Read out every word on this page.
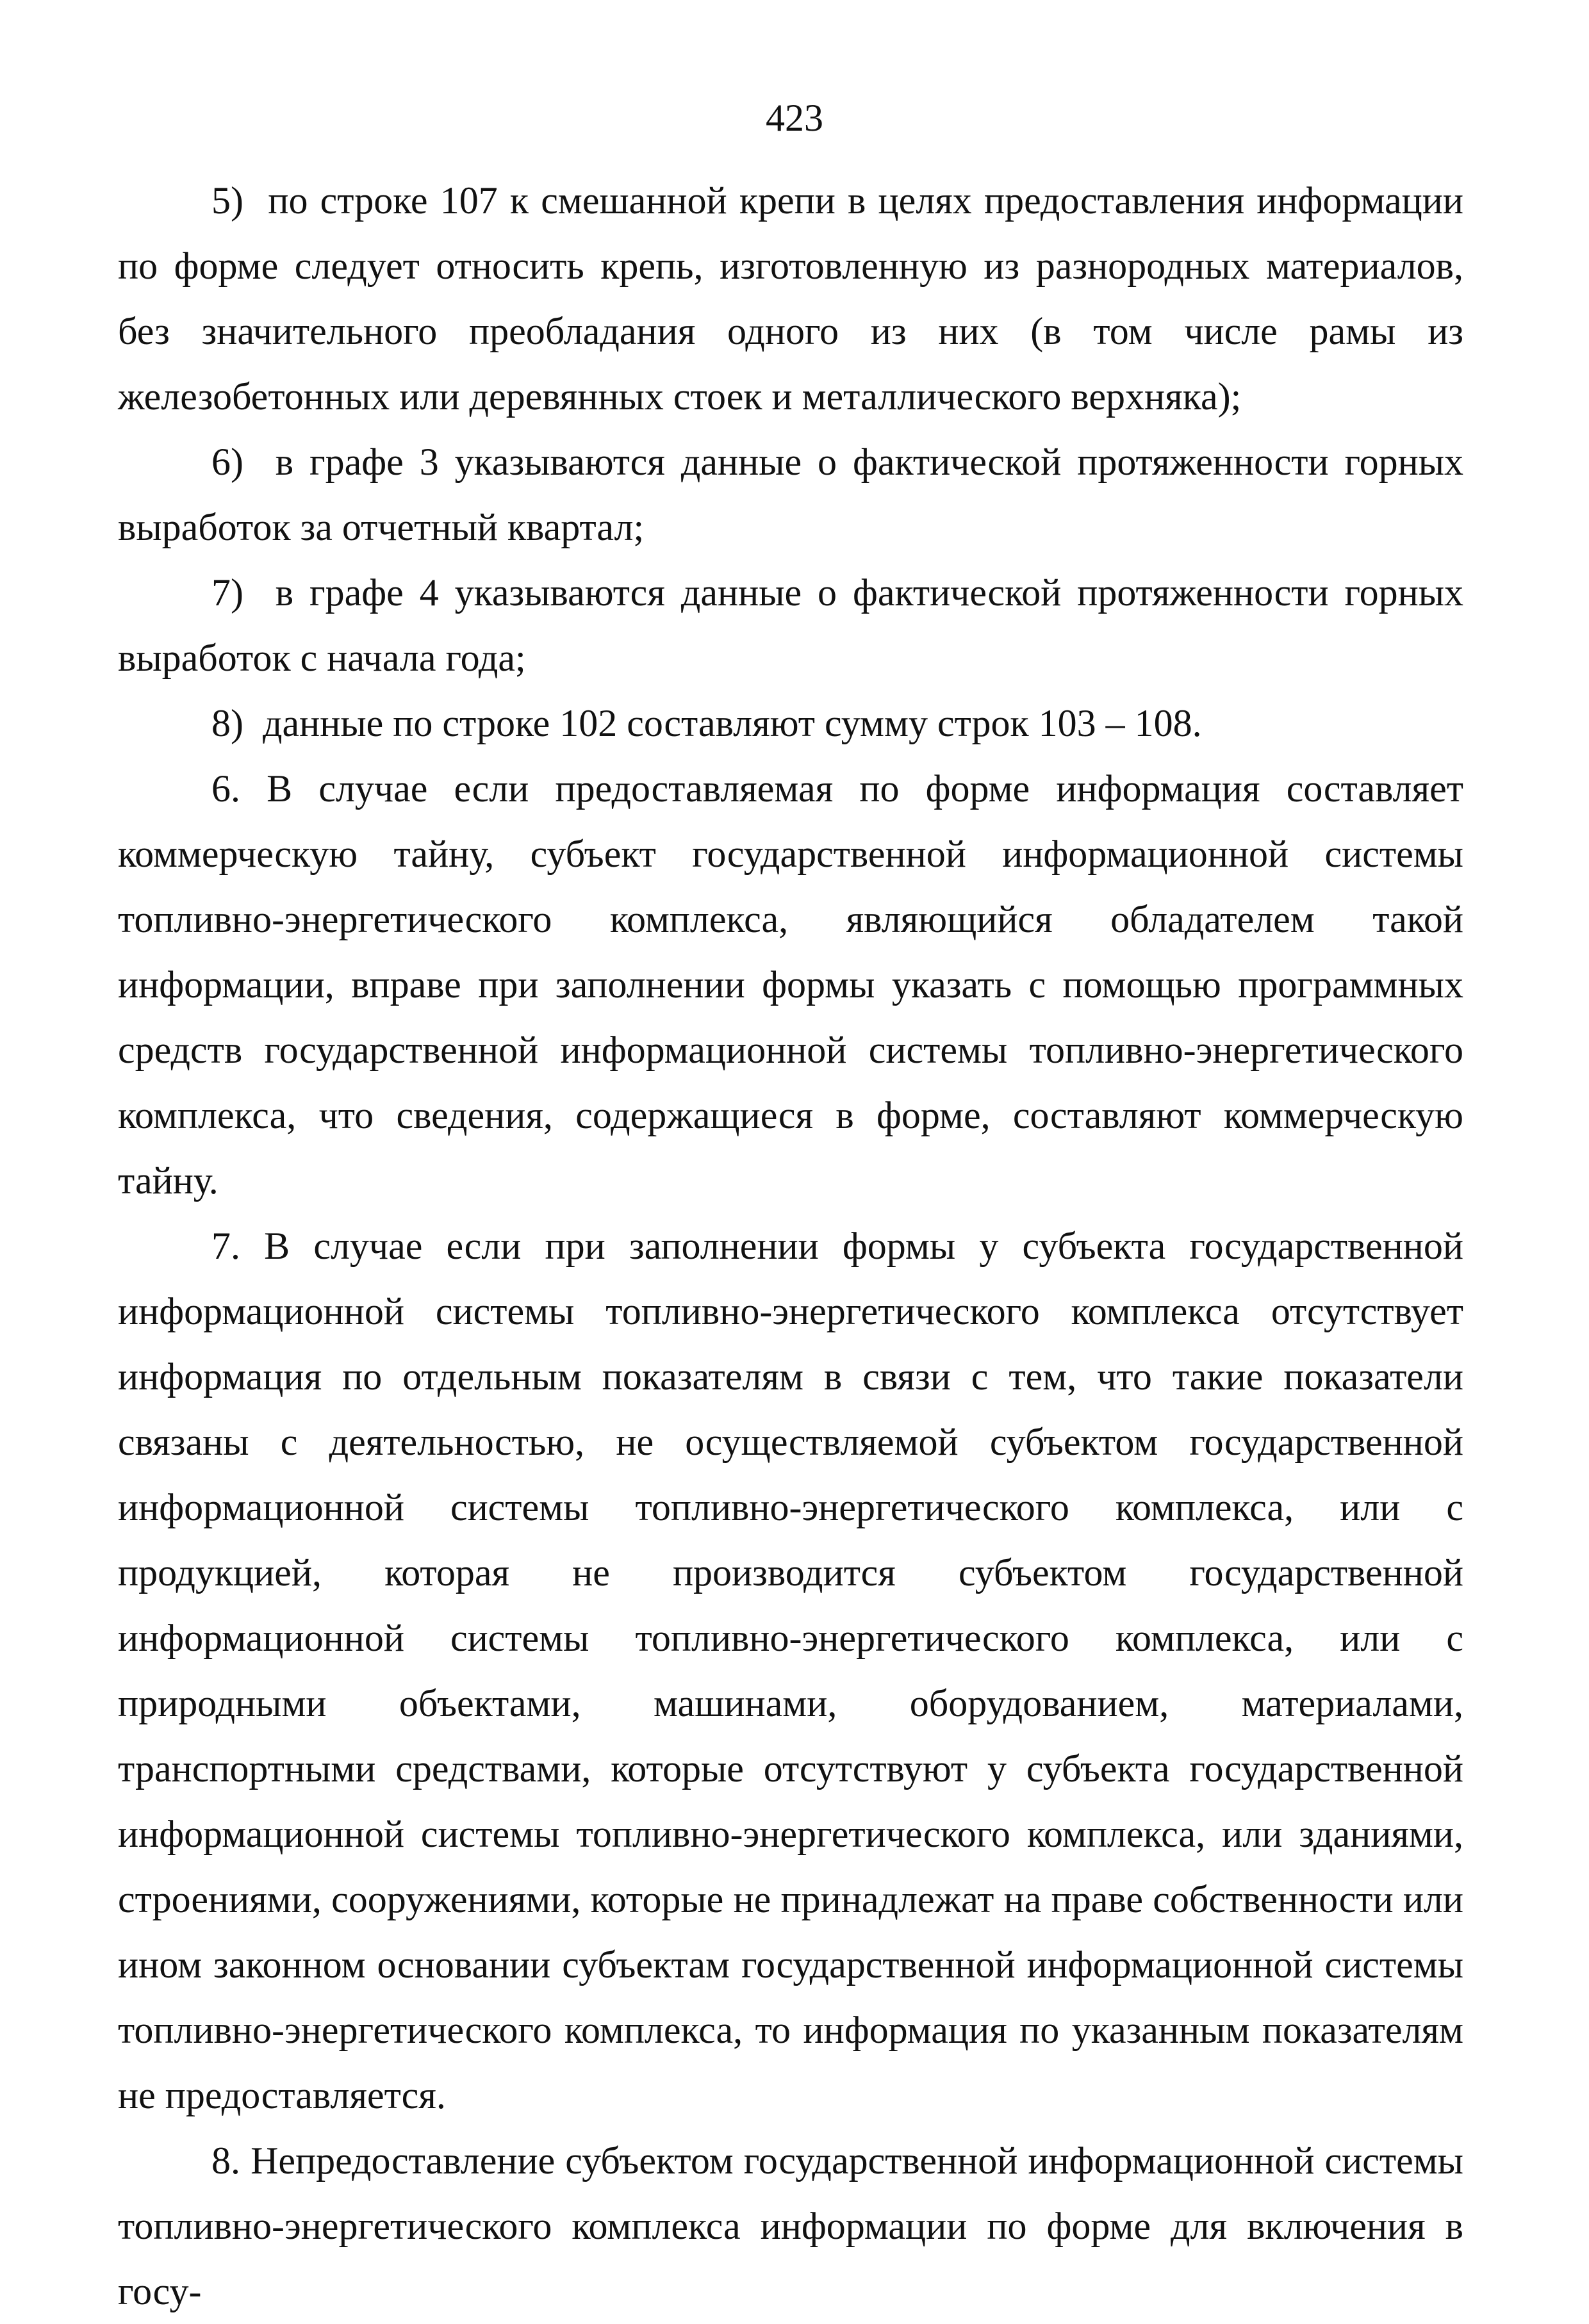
423

5)  по строке 107 к смешанной крепи в целях предоставления информации по форме следует относить крепь, изготовленную из разнородных материалов, без значительного преобладания одного из них (в том числе рамы из железобетонных или деревянных стоек и металлического верхняка);

6)  в графе 3 указываются данные о фактической протяженности горных выработок за отчетный квартал;

7)  в графе 4 указываются данные о фактической протяженности горных выработок с начала года;

8)  данные по строке 102 составляют сумму строк 103 – 108.

6. В случае если предоставляемая по форме информация составляет коммерческую тайну, субъект государственной информационной системы топливно-энергетического комплекса, являющийся обладателем такой информации, вправе при заполнении формы указать с помощью программных средств государственной информационной системы топливно-энергетического комплекса, что сведения, содержащиеся в форме, составляют коммерческую тайну.

7. В случае если при заполнении формы у субъекта государственной информационной системы топливно-энергетического комплекса отсутствует информация по отдельным показателям в связи с тем, что такие показатели связаны с деятельностью, не осуществляемой субъектом государственной информационной системы топливно-энергетического комплекса, или с продукцией, которая не производится субъектом государственной информационной системы топливно-энергетического комплекса, или с природными объектами, машинами, оборудованием, материалами, транспортными средствами, которые отсутствуют у субъекта государственной информационной системы топливно-энергетического комплекса, или зданиями, строениями, сооружениями, которые не принадлежат на праве собственности или ином законном основании субъектам государственной информационной системы топливно-энергетического комплекса, то информация по указанным показателям не предоставляется.

8. Непредоставление субъектом государственной информационной системы топливно-энергетического комплекса информации по форме для включения в госу-
